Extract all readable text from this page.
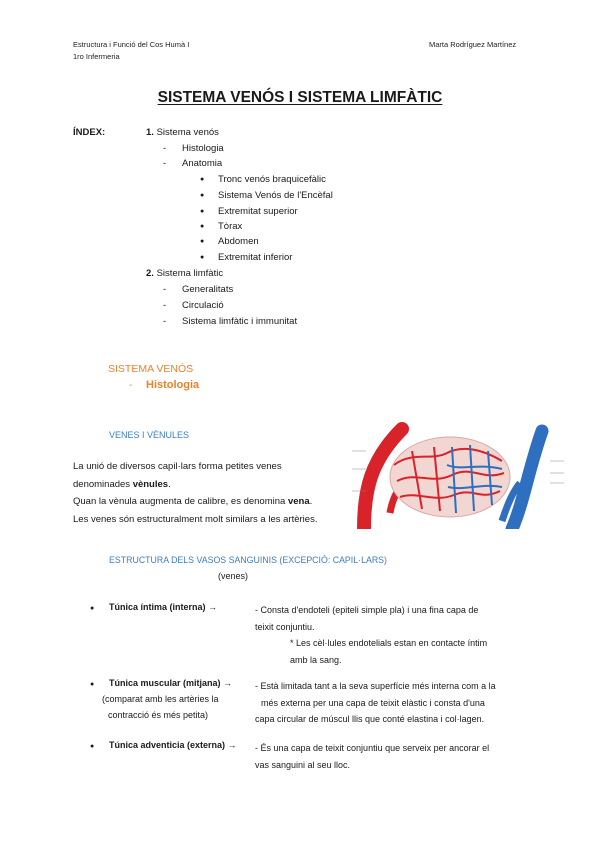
Estructura i Funció del Cos Humà I
1ro Infermeria
Marta Rodríguez Martínez
SISTEMA VENÓS I SISTEMA LIMFÀTIC
ÍNDEX:	1. Sistema venós
- Histologia
- Anatomia
● Tronc venós braquicefàlic
● Sistema Venós de l'Encèfal
● Extremitat superior
● Tòrax
● Abdomen
● Extremitat inferior
2. Sistema limfàtic
- Generalitats
- Circulació
- Sistema limfàtic i immunitat
SISTEMA VENÓS
- Histologia
VENES I VÈNULES
La unió de diversos capil·lars forma petites venes
denominades vènules.
Quan la vènula augmenta de calibre, es denomina vena.
Les venes són estructuralment molt similars a les artèries.
ESTRUCTURA DELS VASOS SANGUINIS (EXCEPCIÓ: CAPIL·LARS)
(venes)
● Túnica íntima (interna) →	- Consta d'endoteli (epiteli simple pla) i una fina capa de
teixit conjuntiu.
* Les cèl·lules endotelials estan en contacte íntim
amb la sang.
● Túnica muscular (mitjana) →
(comparat amb les artèries la
contracció és més petita)
- Està limitada tant a la seva superfície més interna com a la
més externa per una capa de teixit elàstic i consta d'una
capa circular de múscul llis que conté elastina i col·lagen.
● Túnica adventicia (externa) → - És una capa de teixit conjuntiu que serveix per ancorar el
vas sanguini al seu lloc.
